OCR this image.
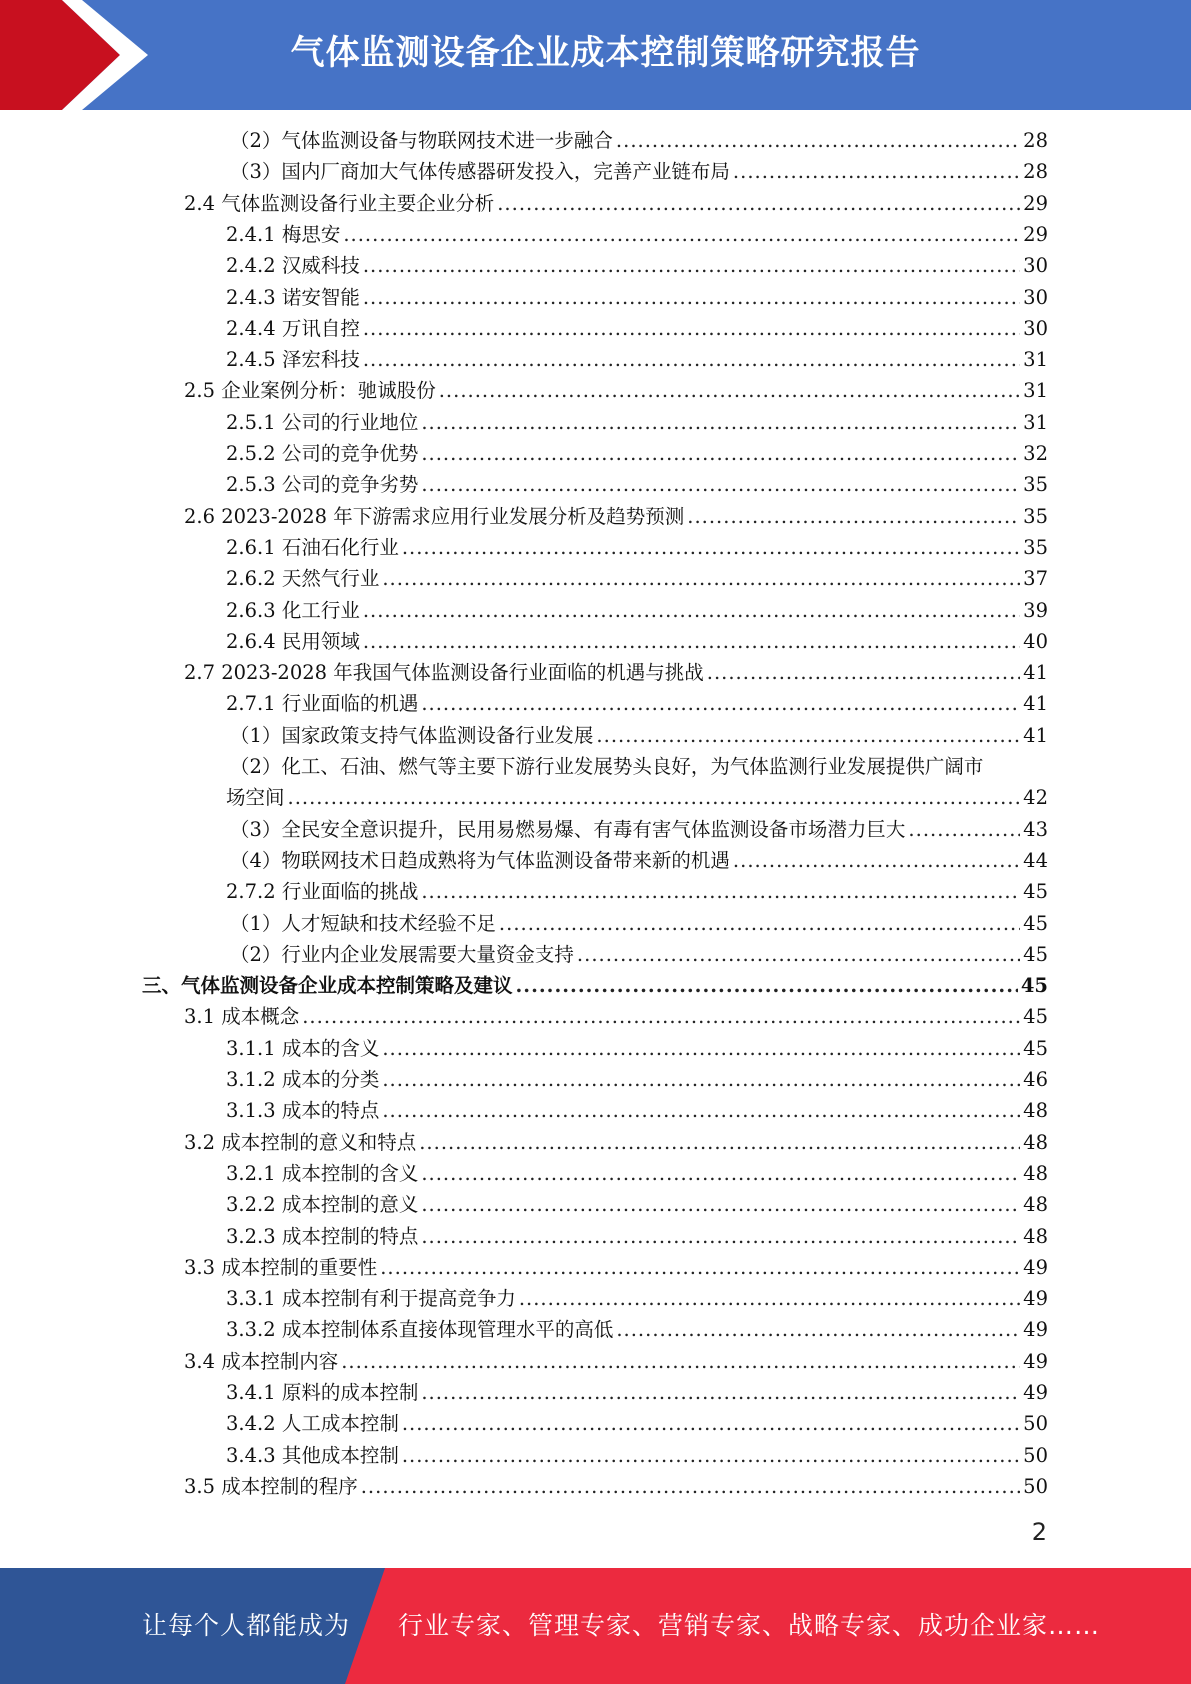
气体监测设备企业成本控制策略研究报告
（2）气体监测设备与物联网技术进一步融合 .....	28
（3）国内厂商加大气体传感器研发投入，完善产业链布局 .....	28
2.4 气体监测设备行业主要企业分析 .....	29
2.4.1 梅思安 .....	29
2.4.2 汉威科技 .....	30
2.4.3 诺安智能 .....	30
2.4.4 万讯自控 .....	30
2.4.5 泽宏科技 .....	31
2.5 企业案例分析：驰诚股份 .....	31
2.5.1 公司的行业地位 .....	31
2.5.2 公司的竞争优势 .....	32
2.5.3 公司的竞争劣势 .....	35
2.6 2023-2028 年下游需求应用行业发展分析及趋势预测 .....	35
2.6.1 石油石化行业 .....	35
2.6.2 天然气行业 .....	37
2.6.3 化工行业 .....	39
2.6.4 民用领域 .....	40
2.7 2023-2028 年我国气体监测设备行业面临的机遇与挑战 .....	41
2.7.1 行业面临的机遇 .....	41
（1）国家政策支持气体监测设备行业发展 .....	41
（2）化工、石油、燃气等主要下游行业发展势头良好，为气体监测行业发展提供广阔市
场空间 .....	42
（3）全民安全意识提升，民用易燃易爆、有毒有害气体监测设备市场潜力巨大 .....	43
（4）物联网技术日趋成熟将为气体监测设备带来新的机遇 .....	44
2.7.2 行业面临的挑战 .....	45
（1）人才短缺和技术经验不足 .....	45
（2）行业内企业发展需要大量资金支持 .....	45
三、气体监测设备企业成本控制策略及建议 .....	45
3.1 成本概念 .....	45
3.1.1 成本的含义 .....	45
3.1.2 成本的分类 .....	46
3.1.3 成本的特点 .....	48
3.2 成本控制的意义和特点 .....	48
3.2.1 成本控制的含义 .....	48
3.2.2 成本控制的意义 .....	48
3.2.3 成本控制的特点 .....	48
3.3 成本控制的重要性 .....	49
3.3.1 成本控制有利于提高竞争力 .....	49
3.3.2 成本控制体系直接体现管理水平的高低 .....	49
3.4 成本控制内容 .....	49
3.4.1 原料的成本控制 .....	49
3.4.2 人工成本控制 .....	50
3.4.3 其他成本控制 .....	50
3.5 成本控制的程序 .....	50
2
让每个人都能成为 行业专家、管理专家、营销专家、战略专家、成功企业家……
